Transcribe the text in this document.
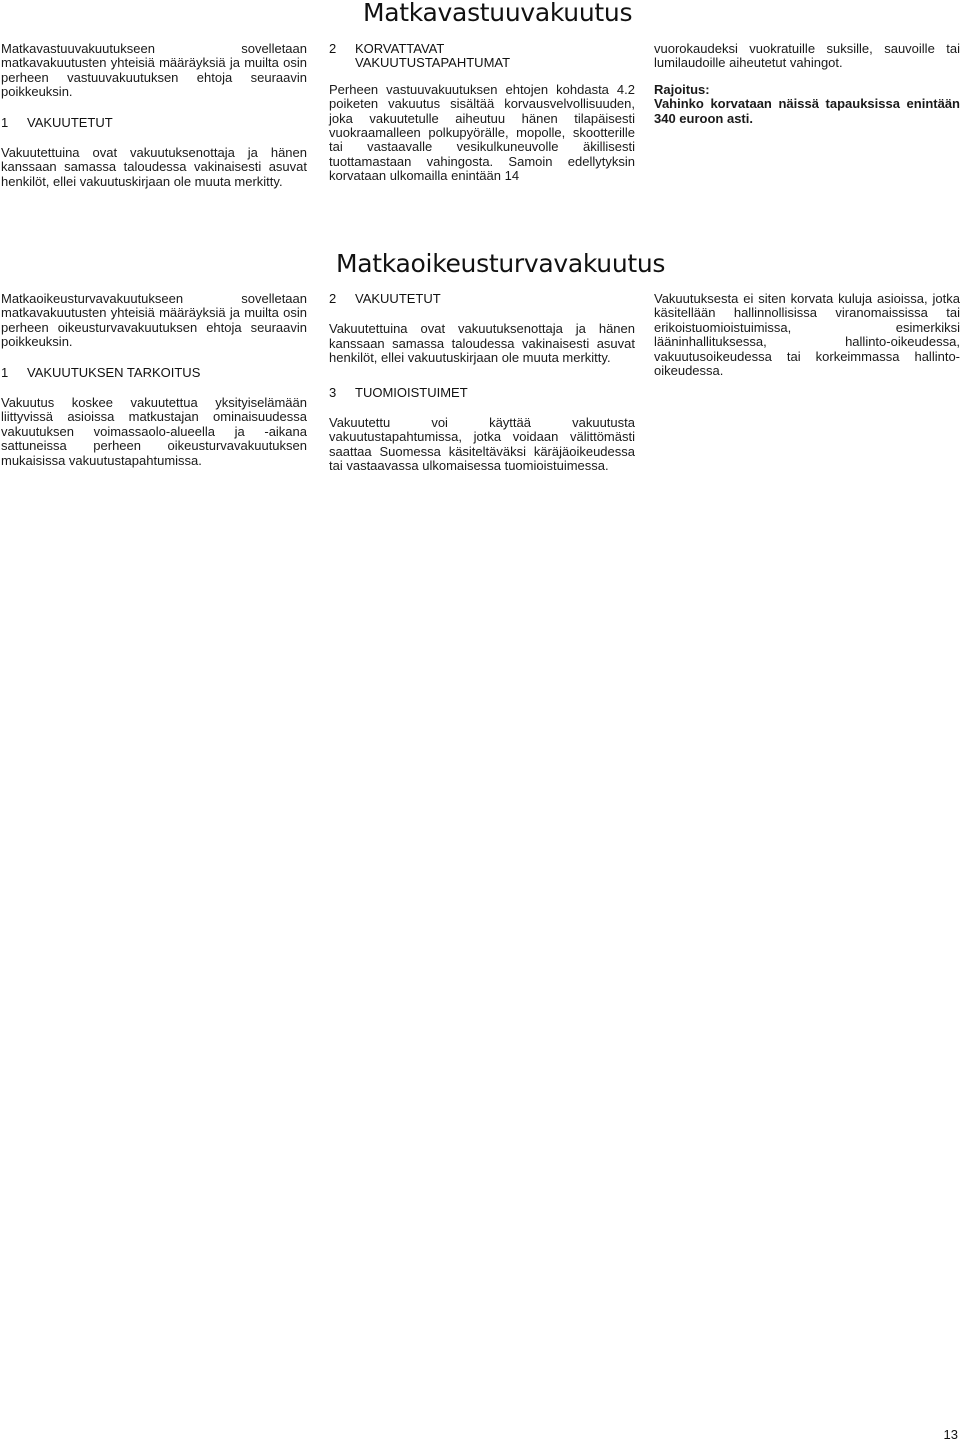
Matkavastuuvakuutus

Matkavastuuvakuutukseen sovelletaan matkavakuutusten yhteisiä määräyksiä ja muilta osin perheen vastuuvakuutuksen ehtoja seuraavin poikkeuksin.

1 VAKUUTETUT

Vakuutettuina ovat vakuutuksenottaja ja hänen kanssaan samassa taloudessa vakinaisesti asuvat henkilöt, ellei vakuutuskirjaan ole muuta merkitty.

2 KORVATTAVAT VAKUUTUSTAPAHTUMAT

Perheen vastuuvakuutuksen ehtojen kohdasta 4.2 poiketen vakuutus sisältää korvausvelvollisuuden, joka vakuutetulle aiheutuu hänen tilapäisesti vuokraamalleen polkupyörälle, mopolle, skootterille tai vastaavalle vesikulkuneuvolle äkillisesti tuottamastaan vahingosta. Samoin edellytyksin korvataan ulkomailla enintään 14

vuorokaudeksi vuokratuille suksille, sauvoille tai lumilaudoille aiheutetut vahingot.

Rajoitus:

Vahinko korvataan näissä tapauksissa enintään 340 euroon asti.

Matkaoikeusturvavakuutus

Matkaoikeusturvavakuutukseen sovelletaan matkavakuutusten yhteisiä määräyksiä ja muilta osin perheen oikeusturvavakuutuksen ehtoja seuraavin poikkeuksin.

1 VAKUUTUKSEN TARKOITUS

Vakuutus koskee vakuutettua yksityiselämään liittyvissä asioissa matkustajan ominaisuudessa vakuutuksen voimassaolo-alueella ja -aikana sattuneissa perheen oikeusturvavakuutuksen mukaisissa vakuutustapahtumissa.

2 VAKUUTETUT

Vakuutettuina ovat vakuutuksenottaja ja hänen kanssaan samassa taloudessa vakinaisesti asuvat henkilöt, ellei vakuutuskirjaan ole muuta merkitty.

3 TUOMIOISTUIMET

Vakuutettu voi käyttää vakuutusta vakuutustapahtumissa, jotka voidaan välittömästi saattaa Suomessa käsiteltäväksi käräjäoikeudessa tai vastaavassa ulkomaisessa tuomioistuimessa.

Vakuutuksesta ei siten korvata kuluja asioissa, jotka käsitellään hallinnollisissa viranomaississa tai erikoistuomioistuimissa, esimerkiksi lääninhallituksessa, hallinto-oikeudessa, vakuutusoikeudessa tai korkeimmassa hallinto-oikeudessa.

13
